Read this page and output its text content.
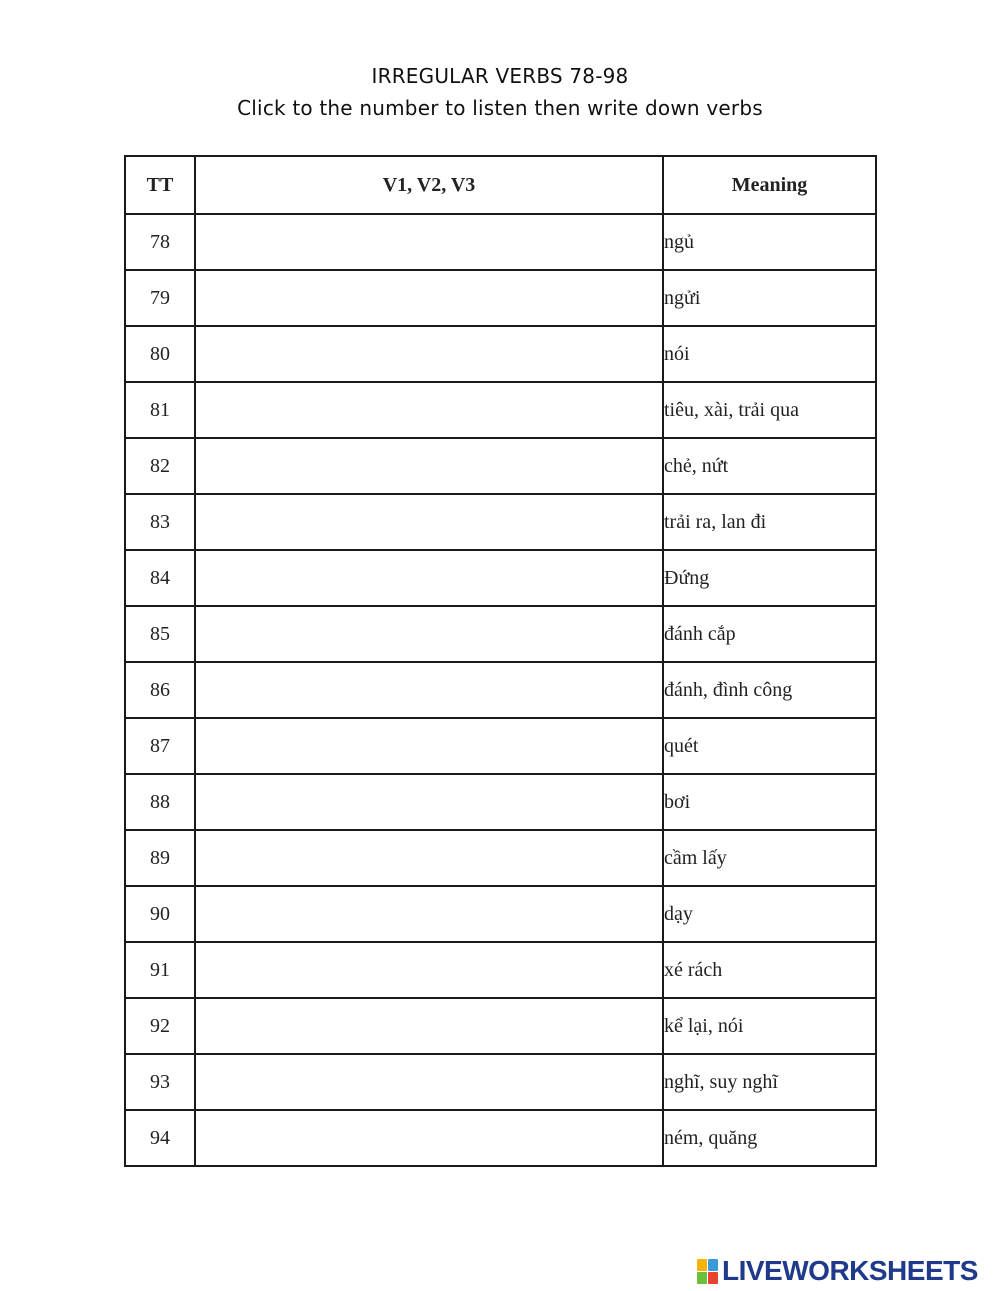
IRREGULAR VERBS 78-98
Click to the number to listen then write down verbs
TT	V1, V2, V3	Meaning
78		ngủ
79		ngửi
80		nói
81		tiêu, xài, trải qua
82		chẻ, nứt
83		trải ra, lan đi
84		Đứng
85		đánh cắp
86		đánh, đình công
87		quét
88		bơi
89		cầm lấy
90		dạy
91		xé rách
92		kể lại, nói
93		nghĩ, suy nghĩ
94		ném, quăng
LIVEWORKSHEETS
